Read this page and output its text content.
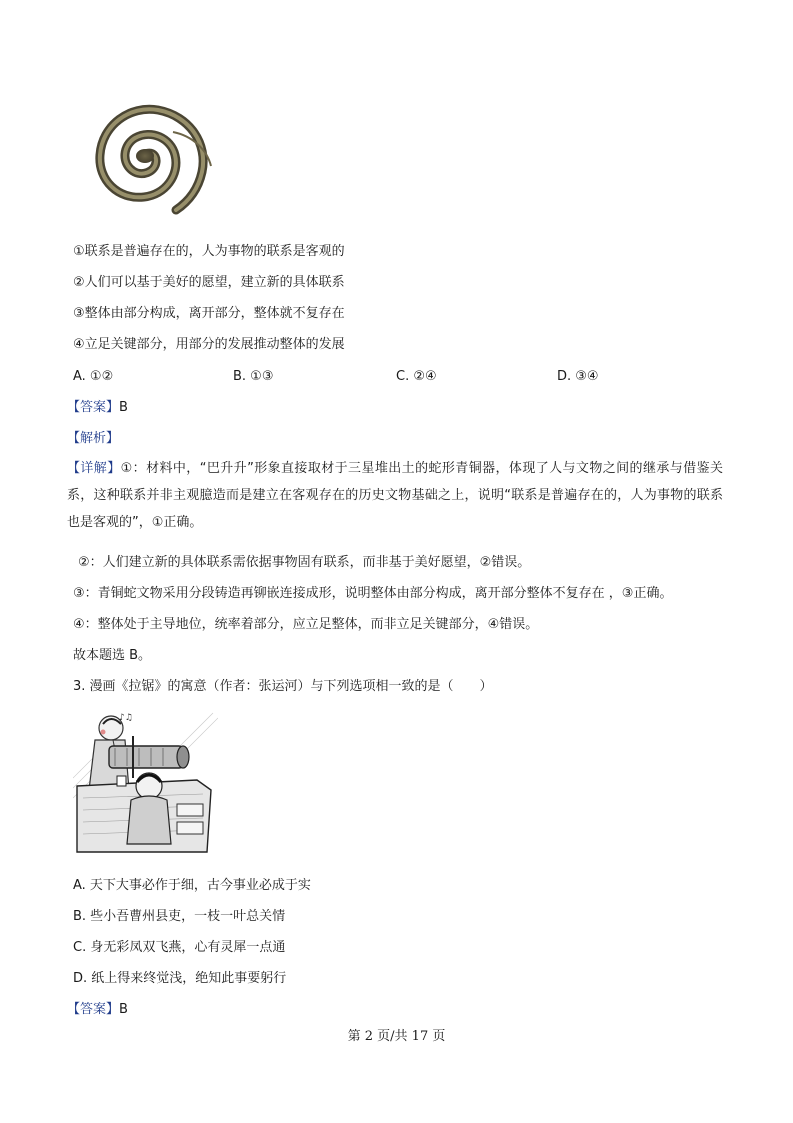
①联系是普遍存在的，人为事物的联系是客观的
②人们可以基于美好的愿望，建立新的具体联系
③整体由部分构成，离开部分，整体就不复存在
④立足关键部分，用部分的发展推动整体的发展
A. ①②	B. ①③	C. ②④	D. ③④
【答案】B
【解析】
【详解】①：材料中，“巴升升”形象直接取材于三星堆出土的蛇形青铜器，体现了人与文物之间的继承与借鉴关系，这种联系并非主观臆造而是建立在客观存在的历史文物基础之上，说明“联系是普遍存在的，人为事物的联系也是客观的”，①正确。
②：人们建立新的具体联系需依据事物固有联系，而非基于美好愿望，②错误。
③：青铜蛇文物采用分段铸造再铆嵌连接成形，说明整体由部分构成，离开部分整体不复存在 ，③正确。
④：整体处于主导地位，统率着部分，应立足整体，而非立足关键部分，④错误。
故本题选 B。
3. 漫画《拉锯》的寓意（作者：张运河）与下列选项相一致的是（　　）
♪♫
A. 天下大事必作于细，古今事业必成于实
B. 些小吾曹州县吏，一枝一叶总关情
C. 身无彩凤双飞燕，心有灵犀一点通
D. 纸上得来终觉浅，绝知此事要躬行
【答案】B
第 2 页/共 17 页
